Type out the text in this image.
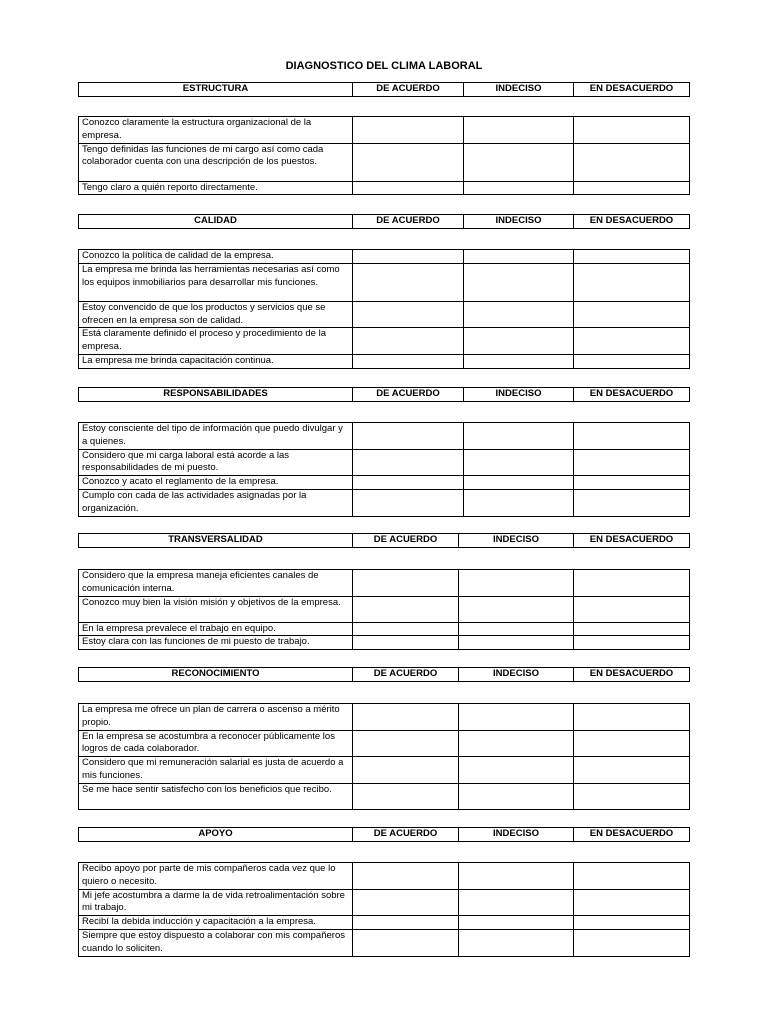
DIAGNOSTICO DEL CLIMA LABORAL
ESTRUCTURA	DE ACUERDO	INDECISO	EN DESACUERDO
Conozco claramente la estructura organizacional de la empresa.			
Tengo definidas las funciones de mi cargo así como cada colaborador cuenta con una descripción de los puestos.			
Tengo claro a quién reporto directamente.			
CALIDAD	DE ACUERDO	INDECISO	EN DESACUERDO
Conozco la política de calidad de la empresa.			
La empresa me brinda las herramientas necesarias así como los equipos inmobiliarios para desarrollar mis funciones.			
Estoy convencido de que los productos y servicios que se ofrecen en la empresa son de calidad.			
Está claramente definido el proceso y procedimiento de la empresa.			
La empresa me brinda capacitación continua.			
RESPONSABILIDADES	DE ACUERDO	INDECISO	EN DESACUERDO
Estoy consciente del tipo de información que puedo divulgar y a quienes.			
Considero que mi carga laboral está acorde a las responsabilidades de mi puesto.			
Conozco y acato el reglamento de la empresa.			
Cumplo con cada de las actividades asignadas por la organización.			
TRANSVERSALIDAD	DE ACUERDO	INDECISO	EN DESACUERDO
Considero que la empresa maneja eficientes canales de comunicación interna.			
Conozco muy bien la visión misión y objetivos de la empresa.			
En la empresa prevalece el trabajo en equipo.			
Estoy clara con las funciones de mi puesto de trabajo.			
RECONOCIMIENTO	DE ACUERDO	INDECISO	EN DESACUERDO
La empresa me ofrece un plan de carrera o ascenso a mérito propio.			
En la empresa se acostumbra a reconocer públicamente los logros de cada colaborador.			
Considero que mi remuneración salarial es justa de acuerdo a mis funciones.			
Se me hace sentir satisfecho con los beneficios que recibo.			
APOYO	DE ACUERDO	INDECISO	EN DESACUERDO
Recibo apoyo por parte de mis compañeros cada vez que lo quiero o necesito.			
Mi jefe acostumbra a darme la de vida retroalimentación sobre mi trabajo.			
Recibí la debida inducción y capacitación a la empresa.			
Siempre que estoy dispuesto a colaborar con mis compañeros cuando lo soliciten.			
